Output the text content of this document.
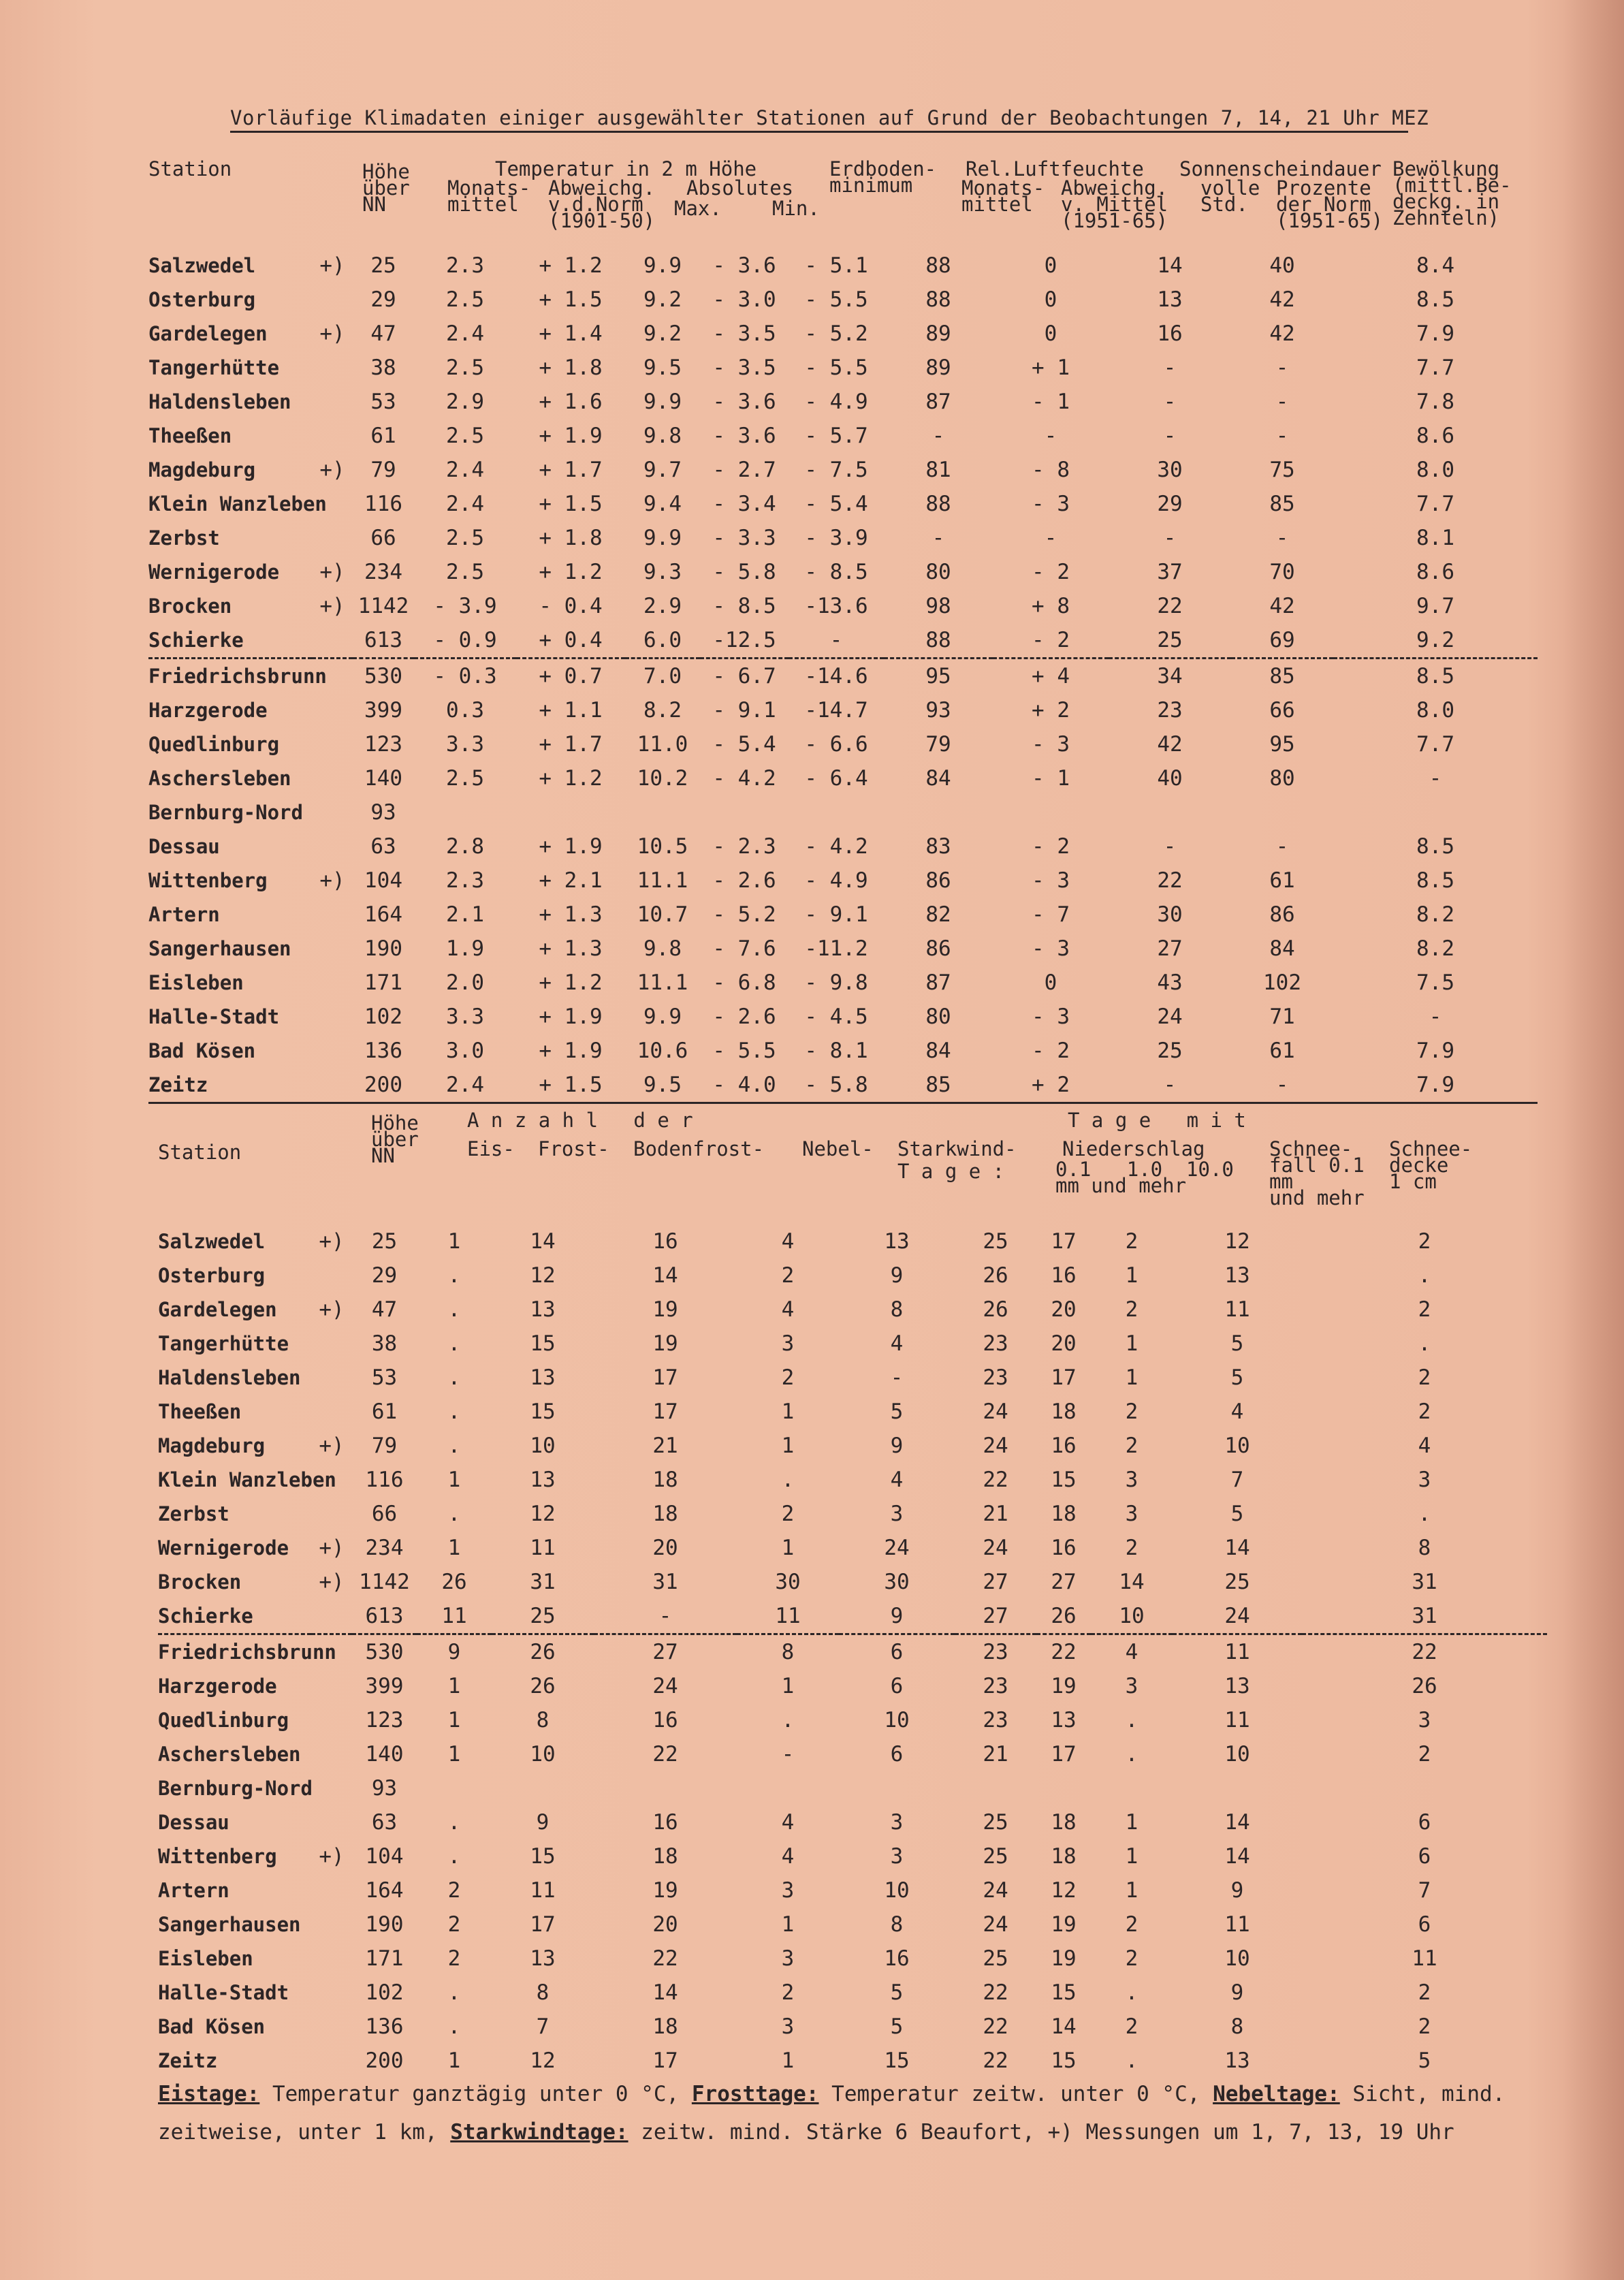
Vorläufige Klimadaten einiger ausgewählter Stationen auf Grund der Beobachtungen 7, 14, 21 Uhr MEZ
Station	Höhe
über
NN
Temperatur in 2 m Höhe
Monats-
mittel
Abweichg.
v.d.Norm
(1901-50)
Absolutes
Max.	Min.
Erdboden-
minimum
Rel.Luftfeuchte
Monats-
mittel
Abweichg.
v. Mittel
(1951-65)
Sonnenscheindauer
volle
Std.
Prozente
der Norm
(1951-65)
Bewölkung
(mittl.Be-
deckg. in
Zehnteln)
Salzwedel	+)	25	2.3	+ 1.2	9.9	- 3.6	- 5.1	88	0	14	40	8.4
Osterburg		29	2.5	+ 1.5	9.2	- 3.0	- 5.5	88	0	13	42	8.5
Gardelegen	+)	47	2.4	+ 1.4	9.2	- 3.5	- 5.2	89	0	16	42	7.9
Tangerhütte		38	2.5	+ 1.8	9.5	- 3.5	- 5.5	89	+ 1	-	-	7.7
Haldensleben		53	2.9	+ 1.6	9.9	- 3.6	- 4.9	87	- 1	-	-	7.8
Theeßen		61	2.5	+ 1.9	9.8	- 3.6	- 5.7	-	-	-	-	8.6
Magdeburg	+)	79	2.4	+ 1.7	9.7	- 2.7	- 7.5	81	- 8	30	75	8.0
Klein Wanzleben		116	2.4	+ 1.5	9.4	- 3.4	- 5.4	88	- 3	29	85	7.7
Zerbst		66	2.5	+ 1.8	9.9	- 3.3	- 3.9	-	-	-	-	8.1
Wernigerode	+)	234	2.5	+ 1.2	9.3	- 5.8	- 8.5	80	- 2	37	70	8.6
Brocken	+)	1142	- 3.9	- 0.4	2.9	- 8.5	-13.6	98	+ 8	22	42	9.7
Schierke		613	- 0.9	+ 0.4	6.0	-12.5	-	88	- 2	25	69	9.2
Friedrichsbrunn		530	- 0.3	+ 0.7	7.0	- 6.7	-14.6	95	+ 4	34	85	8.5
Harzgerode		399	0.3	+ 1.1	8.2	- 9.1	-14.7	93	+ 2	23	66	8.0
Quedlinburg		123	3.3	+ 1.7	11.0	- 5.4	- 6.6	79	- 3	42	95	7.7
Aschersleben		140	2.5	+ 1.2	10.2	- 4.2	- 6.4	84	- 1	40	80	-
Bernburg-Nord		93										
Dessau		63	2.8	+ 1.9	10.5	- 2.3	- 4.2	83	- 2	-	-	8.5
Wittenberg	+)	104	2.3	+ 2.1	11.1	- 2.6	- 4.9	86	- 3	22	61	8.5
Artern		164	2.1	+ 1.3	10.7	- 5.2	- 9.1	82	- 7	30	86	8.2
Sangerhausen		190	1.9	+ 1.3	9.8	- 7.6	-11.2	86	- 3	27	84	8.2
Eisleben		171	2.0	+ 1.2	11.1	- 6.8	- 9.8	87	0	43	102	7.5
Halle-Stadt		102	3.3	+ 1.9	9.9	- 2.6	- 4.5	80	- 3	24	71	-
Bad Kösen		136	3.0	+ 1.9	10.6	- 5.5	- 8.1	84	- 2	25	61	7.9
Zeitz		200	2.4	+ 1.5	9.5	- 4.0	- 5.8	85	+ 2	-	-	7.9
Station
Höhe
über
NN
A n z a h l   d e r
Eis- Frost- Bodenfrost- Nebel- Starkwind-
T a g e :
T a g e   m i t
Niederschlag
0.1   1.0  10.0
mm und mehr
Schnee-
fall 0.1
mm
und mehr
Schnee-
decke
1 cm
Salzwedel	+)	25	1	14	16	4	13	25	17	2	12	2
Osterburg		29	.	12	14	2	9	26	16	1	13	.
Gardelegen	+)	47	.	13	19	4	8	26	20	2	11	2
Tangerhütte		38	.	15	19	3	4	23	20	1	5	.
Haldensleben		53	.	13	17	2	-	23	17	1	5	2
Theeßen		61	.	15	17	1	5	24	18	2	4	2
Magdeburg	+)	79	.	10	21	1	9	24	16	2	10	4
Klein Wanzleben		116	1	13	18	.	4	22	15	3	7	3
Zerbst		66	.	12	18	2	3	21	18	3	5	.
Wernigerode	+)	234	1	11	20	1	24	24	16	2	14	8
Brocken	+)	1142	26	31	31	30	30	27	27	14	25	31
Schierke		613	11	25	-	11	9	27	26	10	24	31
Friedrichsbrunn		530	9	26	27	8	6	23	22	4	11	22
Harzgerode		399	1	26	24	1	6	23	19	3	13	26
Quedlinburg		123	1	8	16	.	10	23	13	.	11	3
Aschersleben		140	1	10	22	-	6	21	17	.	10	2
Bernburg-Nord		93										
Dessau		63	.	9	16	4	3	25	18	1	14	6
Wittenberg	+)	104	.	15	18	4	3	25	18	1	14	6
Artern		164	2	11	19	3	10	24	12	1	9	7
Sangerhausen		190	2	17	20	1	8	24	19	2	11	6
Eisleben		171	2	13	22	3	16	25	19	2	10	11
Halle-Stadt		102	.	8	14	2	5	22	15	.	9	2
Bad Kösen		136	.	7	18	3	5	22	14	2	8	2
Zeitz		200	1	12	17	1	15	22	15	.	13	5
Eistage: Temperatur ganztägig unter 0 °C, Frosttage: Temperatur zeitw. unter 0 °C, Nebeltage: Sicht, mind.
zeitweise, unter 1 km, Starkwindtage: zeitw. mind. Stärke 6 Beaufort, +) Messungen um 1, 7, 13, 19 Uhr
